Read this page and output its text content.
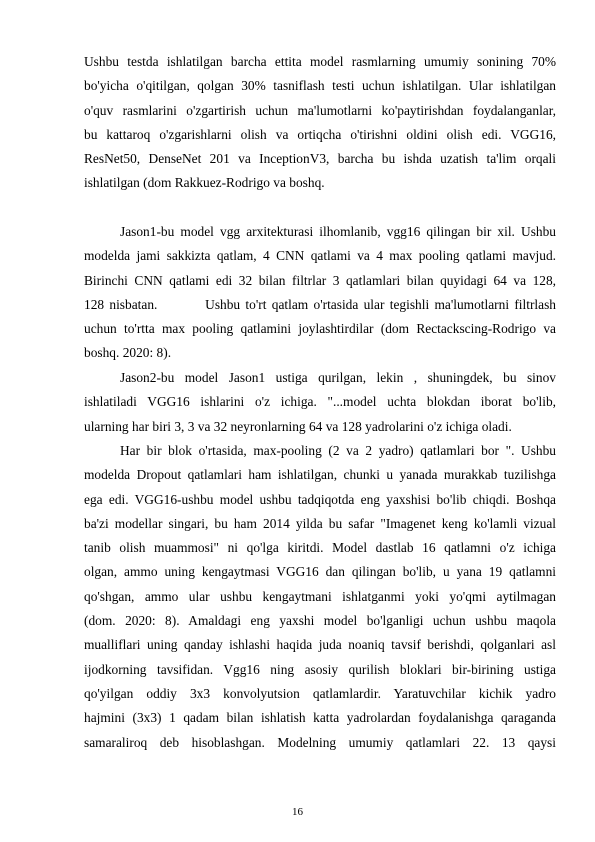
Ushbu testda ishlatilgan barcha ettita model rasmlarning umumiy sonining 70%
bo'yicha o'qitilgan, qolgan 30% tasniflash testi uchun ishlatilgan. Ular ishlatilgan
o'quv rasmlarini o'zgartirish uchun ma'lumotlarni ko'paytirishdan foydalanganlar,
bu kattaroq o'zgarishlarni olish va ortiqcha o'tirishni oldini olish edi. VGG16,
ResNet50, DenseNet 201 va InceptionV3, barcha bu ishda uzatish ta'lim orqali
ishlatilgan (dom Rakkuez-Rodrigo va boshq.
Jason1-bu model vgg arxitekturasi ilhomlanib, vgg16 qilingan bir xil. Ushbu
modelda jami sakkizta qatlam, 4 CNN qatlami va 4 max pooling qatlami mavjud.
Birinchi CNN qatlami edi 32 bilan filtrlar 3 qatlamlari bilan quyidagi 64 va 128,
128 nisbatan.         Ushbu to'rt qatlam o'rtasida ular tegishli ma'lumotlarni filtrlash
uchun to'rtta max pooling qatlamini joylashtirdilar (dom Rectackscing-Rodrigo va
boshq. 2020: 8).
Jason2-bu model Jason1 ustiga qurilgan, lekin , shuningdek, bu sinov
ishlatiladi VGG16 ishlarini o'z ichiga. "...model uchta blokdan iborat bo'lib,
ularning har biri 3, 3 va 32 neyronlarning 64 va 128 yadrolarini o'z ichiga oladi.
Har bir blok o'rtasida, max-pooling (2 va 2 yadro) qatlamlari bor ". Ushbu
modelda Dropout qatlamlari ham ishlatilgan, chunki u yanada murakkab tuzilishga
ega edi. VGG16-ushbu model ushbu tadqiqotda eng yaxshisi bo'lib chiqdi. Boshqa
ba'zi modellar singari, bu ham 2014 yilda bu safar "Imagenet keng ko'lamli vizual
tanib olish muammosi" ni qo'lga kiritdi. Model dastlab 16 qatlamni o'z ichiga
olgan, ammo uning kengaytmasi VGG16 dan qilingan bo'lib, u yana 19 qatlamni
qo'shgan, ammo ular ushbu kengaytmani ishlatganmi yoki yo'qmi aytilmagan
(dom. 2020: 8). Amaldagi eng yaxshi model bo'lganligi uchun ushbu maqola
mualliflari uning qanday ishlashi haqida juda noaniq tavsif berishdi, qolganlari asl
ijodkorning tavsifidan. Vgg16 ning asosiy qurilish bloklari bir-birining ustiga
qo'yilgan oddiy 3x3 konvolyutsion qatlamlardir. Yaratuvchilar kichik yadro
hajmini (3x3) 1 qadam bilan ishlatish katta yadrolardan foydalanishga qaraganda
samaraliroq deb hisoblashgan. Modelning umumiy qatlamlari 22. 13 qaysi
16
